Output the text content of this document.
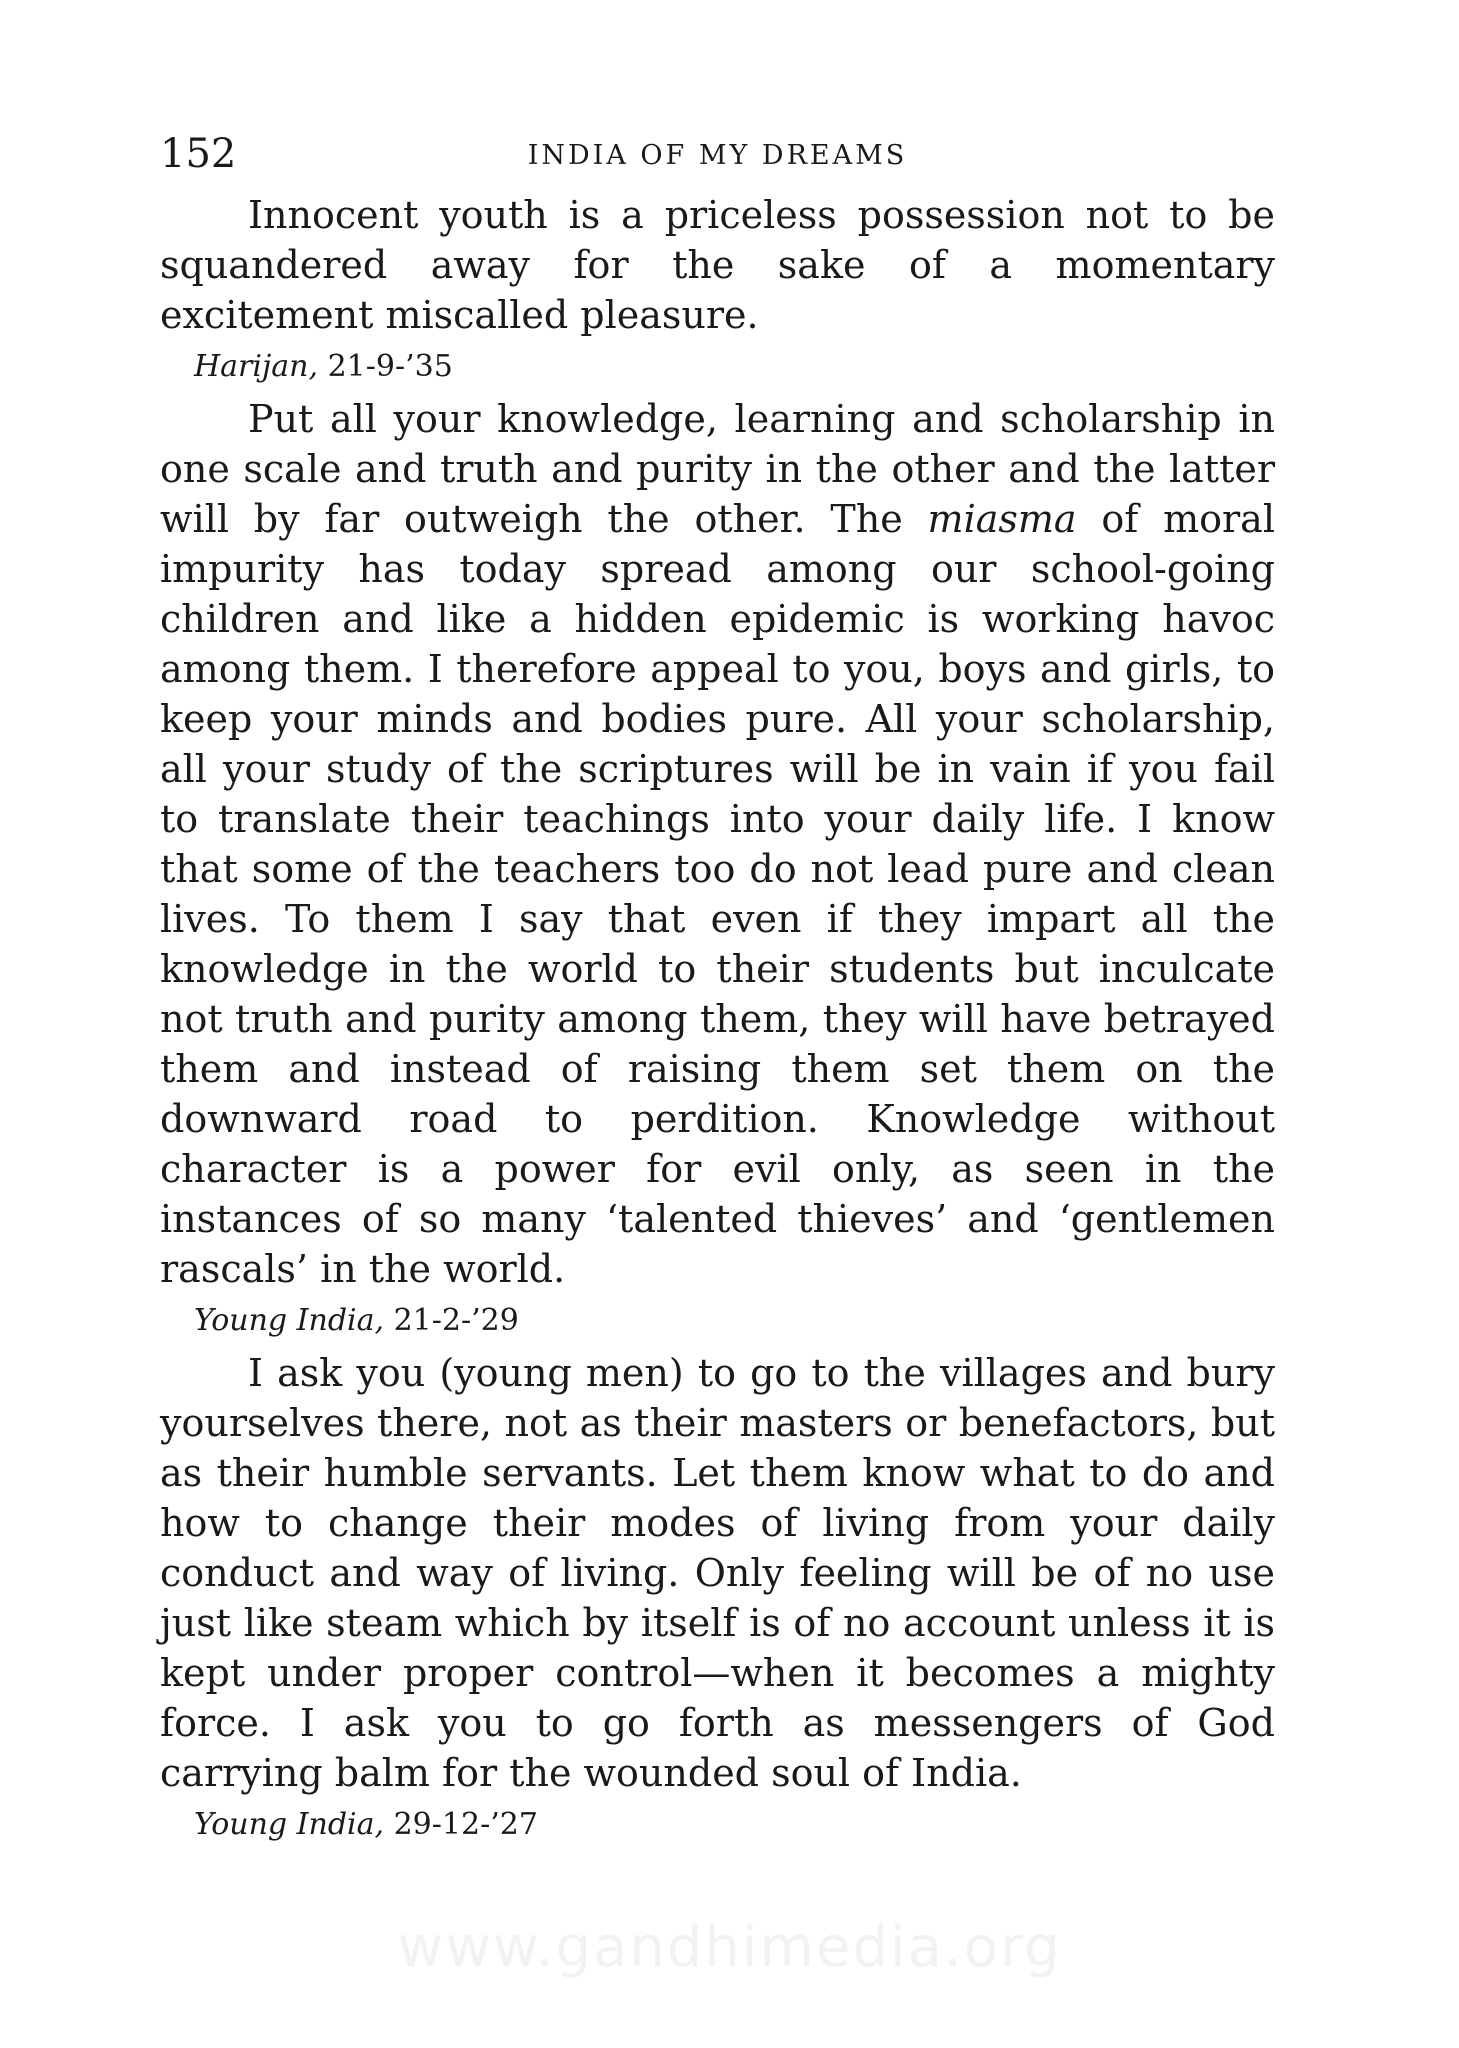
152	INDIA OF MY DREAMS

Innocent youth is a priceless possession not to be squandered away for the sake of a momentary excitement miscalled pleasure.

Harijan, 21-9-’35

Put all your knowledge, learning and scholarship in one scale and truth and purity in the other and the latter will by far outweigh the other. The miasma of moral impurity has today spread among our school-going children and like a hidden epidemic is working havoc among them. I therefore appeal to you, boys and girls, to keep your minds and bodies pure. All your scholarship, all your study of the scriptures will be in vain if you fail to translate their teachings into your daily life. I know that some of the teachers too do not lead pure and clean lives. To them I say that even if they impart all the knowledge in the world to their students but inculcate not truth and purity among them, they will have betrayed them and instead of raising them set them on the downward road to perdition. Knowledge without character is a power for evil only, as seen in the instances of so many ‘talented thieves’ and ‘gentlemen rascals’ in the world.

Young India, 21-2-’29

I ask you (young men) to go to the villages and bury yourselves there, not as their masters or benefactors, but as their humble servants. Let them know what to do and how to change their modes of living from your daily conduct and way of living. Only feeling will be of no use just like steam which by itself is of no account unless it is kept under proper control—when it becomes a mighty force. I ask you to go forth as messengers of God carrying balm for the wounded soul of India.

Young India, 29-12-’27
www.gandhimedia.org
